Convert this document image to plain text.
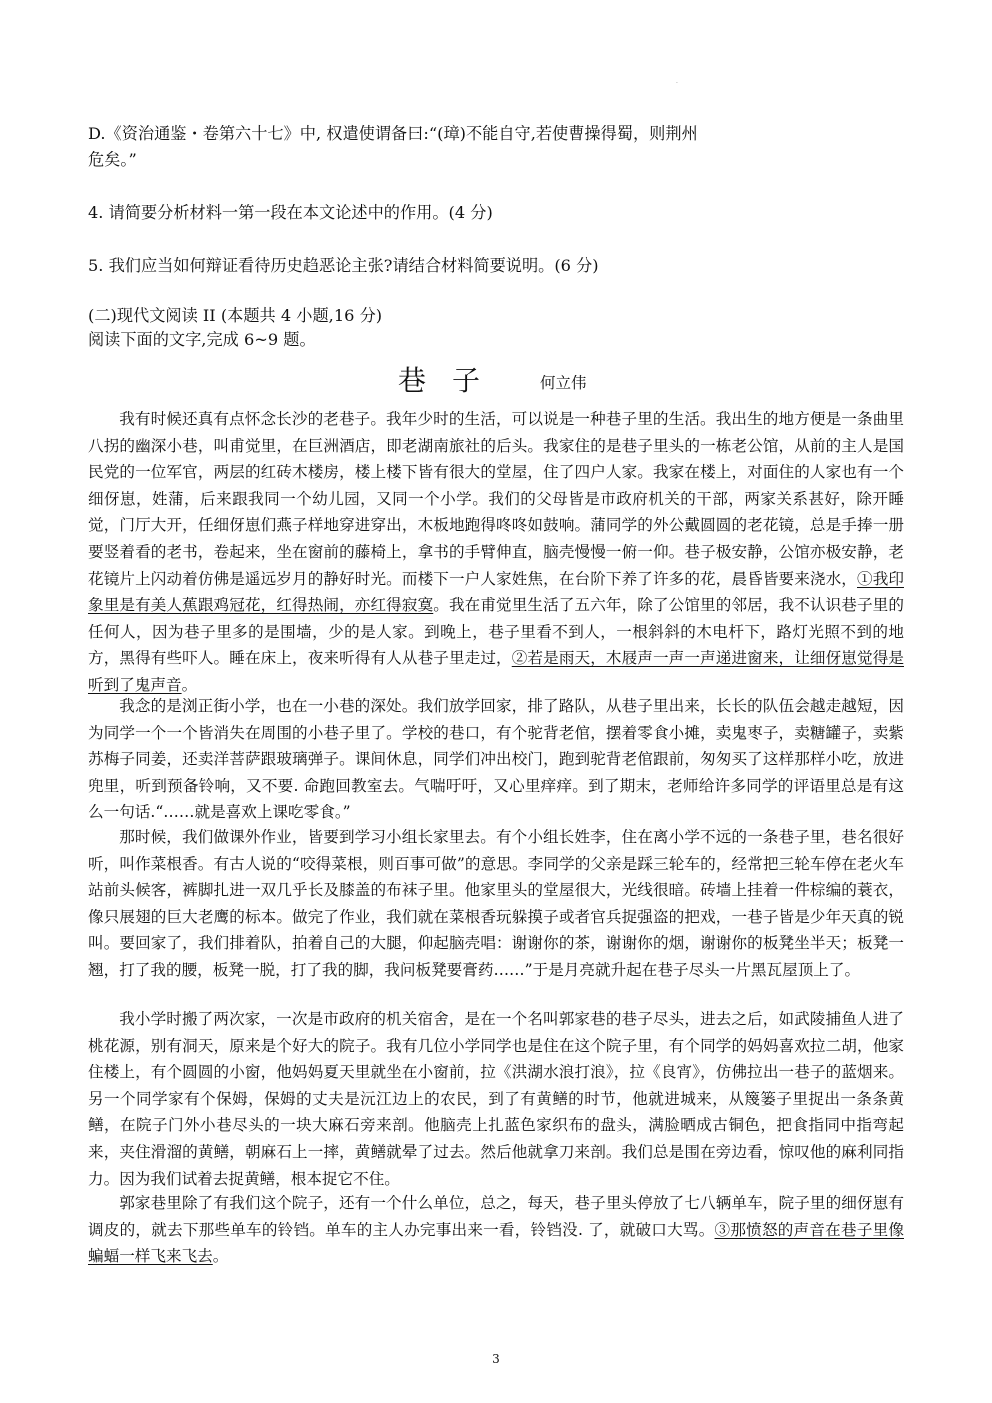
·
D.《资治通鉴・卷第六十七》中, 权遣使谓备曰:“(璋)不能自守,若使曹操得蜀，则荆州
危矣。”
4. 请简要分析材料一第一段在本文论述中的作用。(4 分)
5. 我们应当如何辩证看待历史趋恶论主张?请结合材料简要说明。(6 分)
(二)现代文阅读 II (本题共 4 小题,16 分)
阅读下面的文字,完成 6~9 题。
巷子 何立伟

我有时候还真有点怀念长沙的老巷子。我年少时的生活，可以说是一种巷子里的生活。我出生的地方便是一条曲里八拐的幽深小巷，叫甫觉里，在巨洲酒店，即老湖南旅社的后头。我家住的是巷子里头的一栋老公馆，从前的主人是国民党的一位军官，两层的红砖木楼房，楼上楼下皆有很大的堂屋，住了四户人家。我家在楼上，对面住的人家也有一个细伢崽，姓蒲，后来跟我同一个幼儿园，又同一个小学。我们的父母皆是市政府机关的干部，两家关系甚好，除开睡觉，门厅大开，任细伢崽们燕子样地穿进穿出，木板地跑得咚咚如鼓响。蒲同学的外公戴圆圆的老花镜，总是手捧一册要竖着看的老书，卷起来，坐在窗前的藤椅上，拿书的手臂伸直，脑壳慢慢一俯一仰。巷子极安静，公馆亦极安静，老花镜片上闪动着仿佛是遥远岁月的静好时光。而楼下一户人家姓焦，在台阶下养了许多的花，晨昏皆要来浇水，①我印象里是有美人蕉跟鸡冠花，红得热闹，亦红得寂寞。我在甫觉里生活了五六年，除了公馆里的邻居，我不认识巷子里的任何人，因为巷子里多的是围墙，少的是人家。到晚上，巷子里看不到人，一根斜斜的木电杆下，路灯光照不到的地方，黑得有些吓人。睡在床上，夜来听得有人从巷子里走过，②若是雨天，木屐声一声一声递进窗来，让细伢崽觉得是听到了鬼声音。

我念的是浏正街小学，也在一小巷的深处。我们放学回家，排了路队，从巷子里出来，长长的队伍会越走越短，因为同学一个一个皆消失在周围的小巷子里了。学校的巷口，有个驼背老倌，摆着零食小摊，卖鬼枣子，卖糖罐子，卖紫苏梅子同姜，还卖洋菩萨跟玻璃弹子。课间休息，同学们冲出校门，跑到驼背老倌跟前，匆匆买了这样那样小吃，放进兜里，听到预备铃响，又不要. 命跑回教室去。气喘吁吁，又心里痒痒。到了期末，老师给许多同学的评语里总是有这么一句话.“……就是喜欢上课吃零食。”

那时候，我们做课外作业，皆要到学习小组长家里去。有个小组长姓李，住在离小学不远的一条巷子里，巷名很好听，叫作菜根香。有古人说的“咬得菜根，则百事可做”的意思。李同学的父亲是踩三轮车的，经常把三轮车停在老火车站前头候客，裤脚扎进一双几乎长及膝盖的布袜子里。他家里头的堂屋很大，光线很暗。砖墙上挂着一件棕编的蓑衣，像只展翅的巨大老鹰的标本。做完了作业，我们就在菜根香玩躲摸子或者官兵捉强盗的把戏，一巷子皆是少年天真的锐叫。要回家了，我们排着队，拍着自己的大腿，仰起脑壳唱：谢谢你的茶，谢谢你的烟，谢谢你的板凳坐半天；板凳一翘，打了我的腰，板凳一脱，打了我的脚，我问板凳要膏药……”于是月亮就升起在巷子尽头一片黑瓦屋顶上了。

我小学时搬了两次家，一次是市政府的机关宿舍，是在一个名叫郭家巷的巷子尽头，进去之后，如武陵捕鱼人进了桃花源，别有洞天，原来是个好大的院子。我有几位小学同学也是住在这个院子里，有个同学的妈妈喜欢拉二胡，他家住楼上，有个圆圆的小窗，他妈妈夏天里就坐在小窗前，拉《洪湖水浪打浪》，拉《良宵》，仿佛拉出一巷子的蓝烟来。另一个同学家有个保姆，保姆的丈夫是沅江边上的农民，到了有黄鳝的时节，他就进城来，从篾篓子里捉出一条条黄鳝，在院子门外小巷尽头的一块大麻石旁来剖。他脑壳上扎蓝色家织布的盘头，满脸晒成古铜色，把食指同中指弯起来，夹住滑溜的黄鳝，朝麻石上一摔，黄鳝就晕了过去。然后他就拿刀来剖。我们总是围在旁边看，惊叹他的麻利同指力。因为我们试着去捉黄鳝，根本捉它不住。

郭家巷里除了有我们这个院子，还有一个什么单位，总之，每天，巷子里头停放了七八辆单车，院子里的细伢崽有调皮的，就去下那些单车的铃铛。单车的主人办完事出来一看，铃铛没. 了，就破口大骂。③那愤怒的声音在巷子里像蝙蝠一样飞来飞去。

3
